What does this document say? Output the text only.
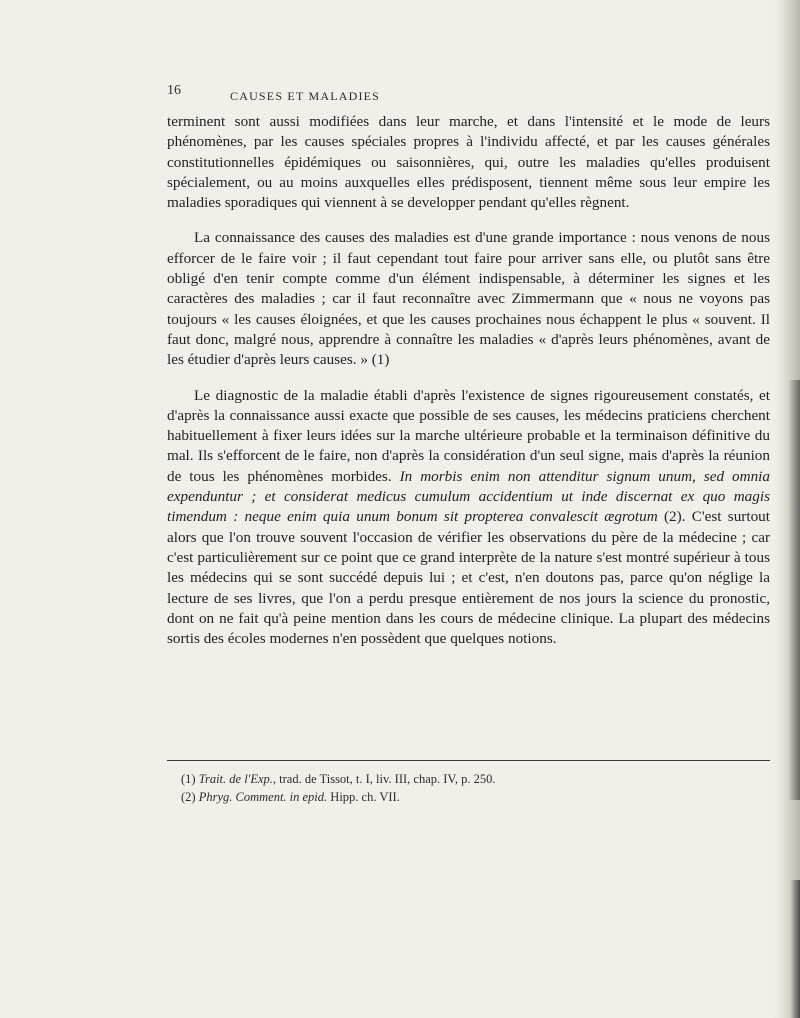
16	CAUSES ET MALADIES

terminent sont aussi modifiées dans leur marche, et dans l'intensité et le mode de leurs phénomènes, par les causes spéciales propres à l'individu affecté, et par les causes générales constitutionnelles épidémiques ou saisonnières, qui, outre les maladies qu'elles produisent spécialement, ou au moins auxquelles elles prédisposent, tiennent même sous leur empire les maladies sporadiques qui viennent à se developper pendant qu'elles règnent.

La connaissance des causes des maladies est d'une grande importance : nous venons de nous efforcer de le faire voir ; il faut cependant tout faire pour arriver sans elle, ou plutôt sans être obligé d'en tenir compte comme d'un élément indispensable, à déterminer les signes et les caractères des maladies ; car il faut reconnaître avec Zimmermann que « nous ne voyons pas toujours « les causes éloignées, et que les causes prochaines nous échappent le plus « souvent. Il faut donc, malgré nous, apprendre à connaître les maladies « d'après leurs phénomènes, avant de les étudier d'après leurs causes. » (1)

Le diagnostic de la maladie établi d'après l'existence de signes rigoureusement constatés, et d'après la connaissance aussi exacte que possible de ses causes, les médecins praticiens cherchent habituellement à fixer leurs idées sur la marche ultérieure probable et la terminaison définitive du mal. Ils s'efforcent de le faire, non d'après la considération d'un seul signe, mais d'après la réunion de tous les phénomènes morbides. In morbis enim non attenditur signum unum, sed omnia expenduntur ; et considerat medicus cumulum accidentium ut inde discernat ex quo magis timendum : neque enim quia unum bonum sit propterea convalescit ægrotum (2). C'est surtout alors que l'on trouve souvent l'occasion de vérifier les observations du père de la médecine ; car c'est particulièrement sur ce point que ce grand interprète de la nature s'est montré supérieur à tous les médecins qui se sont succédé depuis lui ; et c'est, n'en doutons pas, parce qu'on néglige la lecture de ses livres, que l'on a perdu presque entièrement de nos jours la science du pronostic, dont on ne fait qu'à peine mention dans les cours de médecine clinique. La plupart des médecins sortis des écoles modernes n'en possèdent que quelques notions.

(1) Trait. de l'Exp., trad. de Tissot, t. I, liv. III, chap. IV, p. 250.
(2) Phryg. Comment. in epid. Hipp. ch. VII.
